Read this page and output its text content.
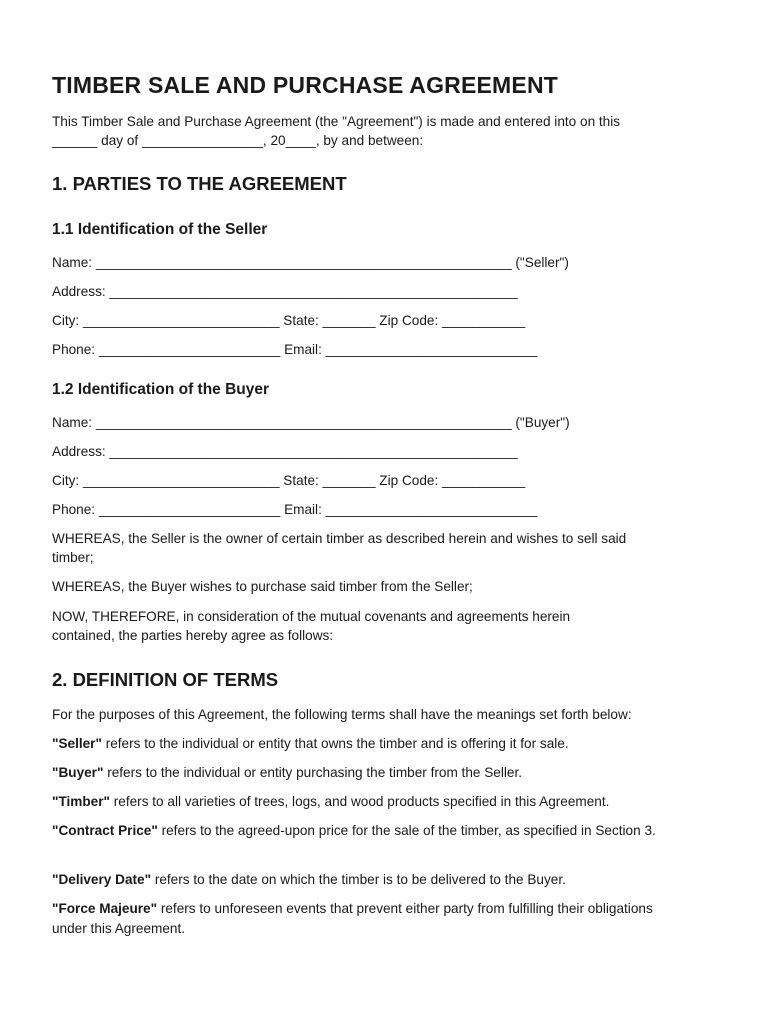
TIMBER SALE AND PURCHASE AGREEMENT
This Timber Sale and Purchase Agreement (the "Agreement") is made and entered into on this
______ day of ________________, 20____, by and between:
1. PARTIES TO THE AGREEMENT
1.1 Identification of the Seller
Name: _______________________________________________________ ("Seller")
Address: ______________________________________________________
City: __________________________ State: _______ Zip Code: ___________
Phone: ________________________ Email: ____________________________
1.2 Identification of the Buyer
Name: _______________________________________________________ ("Buyer")
Address: ______________________________________________________
City: __________________________ State: _______ Zip Code: ___________
Phone: ________________________ Email: ____________________________
WHEREAS, the Seller is the owner of certain timber as described herein and wishes to sell said
timber;
WHEREAS, the Buyer wishes to purchase said timber from the Seller;
NOW, THEREFORE, in consideration of the mutual covenants and agreements herein
contained, the parties hereby agree as follows:
2. DEFINITION OF TERMS
For the purposes of this Agreement, the following terms shall have the meanings set forth below:
"Seller" refers to the individual or entity that owns the timber and is offering it for sale.
"Buyer" refers to the individual or entity purchasing the timber from the Seller.
"Timber" refers to all varieties of trees, logs, and wood products specified in this Agreement.
"Contract Price" refers to the agreed-upon price for the sale of the timber, as specified in Section 3.
"Delivery Date" refers to the date on which the timber is to be delivered to the Buyer.
"Force Majeure" refers to unforeseen events that prevent either party from fulfilling their obligations under this Agreement.
